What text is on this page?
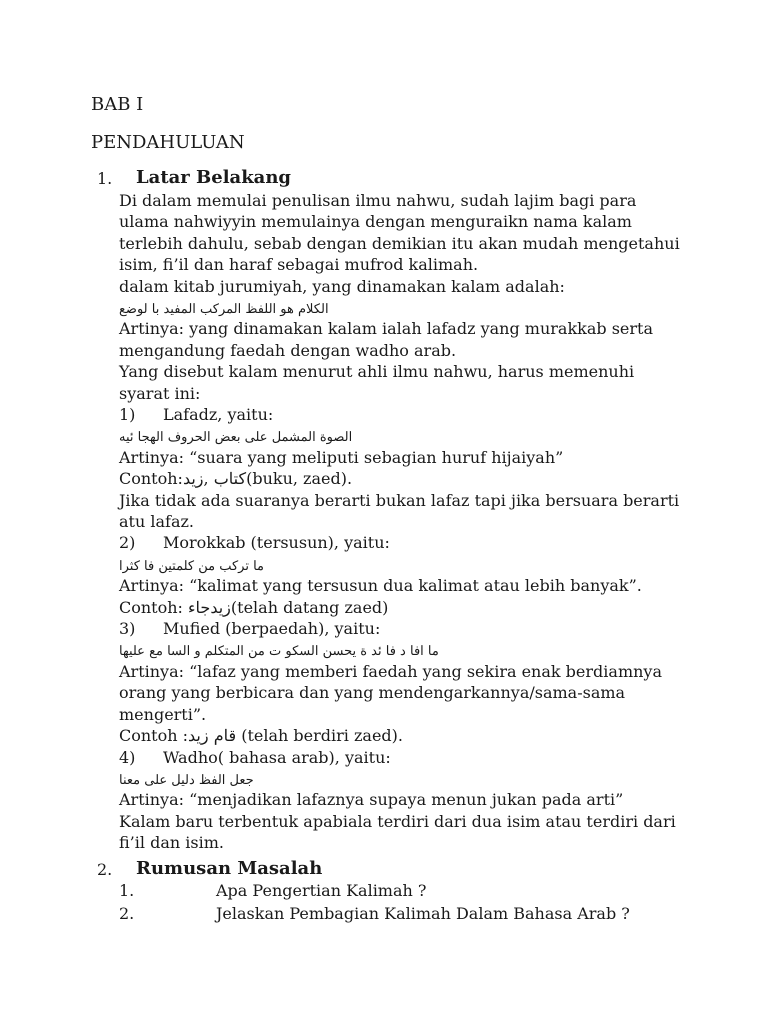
BAB I
PENDAHULUAN
1. Latar Belakang
Di dalam memulai penulisan ilmu nahwu, sudah lajim bagi para
ulama nahwiyyin memulainya dengan menguraikn nama kalam
terlebih dahulu, sebab dengan demikian itu akan mudah mengetahui
isim, fi’il dan haraf sebagai mufrod kalimah.
dalam kitab jurumiyah, yang dinamakan kalam adalah:
الكلام هو اللفظ المركب المفيد با لوضع
Artinya: yang dinamakan kalam ialah lafadz yang murakkab serta
mengandung faedah dengan wadho arab.
Yang disebut kalam menurut ahli ilmu nahwu, harus memenuhi
syarat ini:
1) Lafadz, yaitu:
الصوة المشمل على بعض الحروف الهجا ئيه
Artinya: “suara yang meliputi sebagian huruf hijaiyah”
Contoh:كتاب ,زيد(buku, zaed).
Jika tidak ada suaranya berarti bukan lafaz tapi jika bersuara berarti
atu lafaz.
2) Morokkab (tersusun), yaitu:
ما تركب من كلمتين فا كثرا
Artinya: “kalimat yang tersusun dua kalimat atau lebih banyak”.
Contoh: زيدجاء(telah datang zaed)
3) Mufied (berpaedah), yaitu:
ما افا د فا ئد ة يحسن السكو ت من المتكلم و السا مع عليها
Artinya: “lafaz yang memberi faedah yang sekira enak berdiamnya
orang yang berbicara dan yang mendengarkannya/sama-sama
mengerti”.
Contoh :قام زيد (telah berdiri zaed).
4) Wadho( bahasa arab), yaitu:
جعل الفظ دليل على معنا
Artinya: “menjadikan lafaznya supaya menun jukan pada arti”
Kalam baru terbentuk apabiala terdiri dari dua isim atau terdiri dari
fi’il dan isim.
2. Rumusan Masalah
1.	Apa Pengertian Kalimah ?
2.	Jelaskan Pembagian Kalimah Dalam Bahasa Arab ?
